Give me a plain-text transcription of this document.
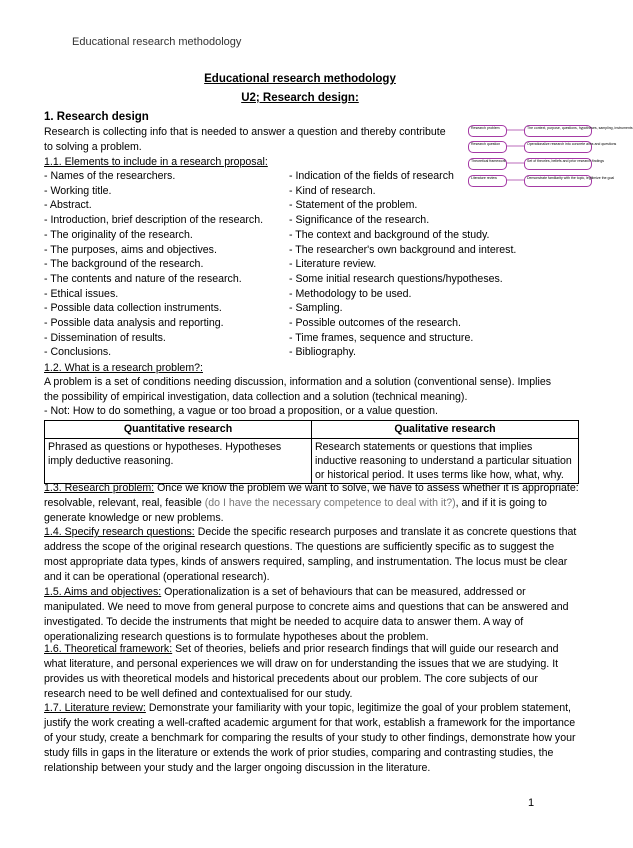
Educational research methodology
Educational research methodology
U2; Research design:
1. Research design
Research is collecting info that is needed to answer a question and thereby contribute
to solving a problem.
Research problem	The context, purpose, questions, hypotheses, sampling, instruments
Research question	Operationalize research into concrete aims and questions
Theoretical framework	Set of theories, beliefs and prior research findings
Literature review	Demonstrate familiarity with the topic, legitimize the goal
1.1. Elements to include in a research proposal:
- Names of the researchers.
- Working title.
- Abstract.
- Introduction, brief description of the research.
- The originality of the research.
- The purposes, aims and objectives.
- The background of the research.
- The contents and nature of the research.
- Ethical issues.
- Possible data collection instruments.
- Possible data analysis and reporting.
- Dissemination of results.
- Conclusions.
- Indication of the fields of research
- Kind of research.
- Statement of the problem.
- Significance of the research.
- The context and background of the study.
- The researcher's own background and interest.
- Literature review.
- Some initial research questions/hypotheses.
- Methodology to be used.
- Sampling.
- Possible outcomes of the research.
- Time frames, sequence and structure.
- Bibliography.
1.2. What is a research problem?:
A problem is a set of conditions needing discussion, information and a solution (conventional sense). Implies
the possibility of empirical investigation, data collection and a solution (technical meaning).
- Not: How to do something, a vague or too broad a proposition, or a value question.
Quantitative research	Qualitative research
Phrased as questions or hypotheses. Hypotheses imply deductive reasoning.	Research statements or questions that implies inductive reasoning to understand a particular situation or historical period. It uses terms like how, what, why.
1.3. Research problem: Once we know the problem we want to solve, we have to assess whether it is appropriate: resolvable, relevant, real, feasible (do I have the necessary competence to deal with it?), and if it is going to generate knowledge or new problems.
1.4. Specify research questions: Decide the specific research purposes and translate it as concrete questions that address the scope of the original research questions. The questions are sufficiently specific as to suggest the most appropriate data types, kinds of answers required, sampling, and instrumentation. The locus must be clear and it can be operational (operational research).
1.5. Aims and objectives: Operationalization is a set of behaviours that can be measured, addressed or manipulated. We need to move from general purpose to concrete aims and questions that can be answered and investigated. To decide the instruments that might be needed to acquire data to answer them. A way of operationalizing research questions is to formulate hypotheses about the problem.
1.6. Theoretical framework: Set of theories, beliefs and prior research findings that will guide our research and what literature, and personal experiences we will draw on for understanding the issues that we are studying. It provides us with theoretical models and historical precedents about our problem. The core subjects of our research need to be well defined and contextualised for our study.
1.7. Literature review: Demonstrate your familiarity with your topic, legitimize the goal of your problem statement, justify the work creating a well-crafted academic argument for that work, establish a framework for the importance of your study, create a benchmark for comparing the results of your study to other findings, demonstrate how your study fills in gaps in the literature or extends the work of prior studies, comparing and contrasting studies, the relationship between your study and the larger ongoing discussion in the literature.
1
